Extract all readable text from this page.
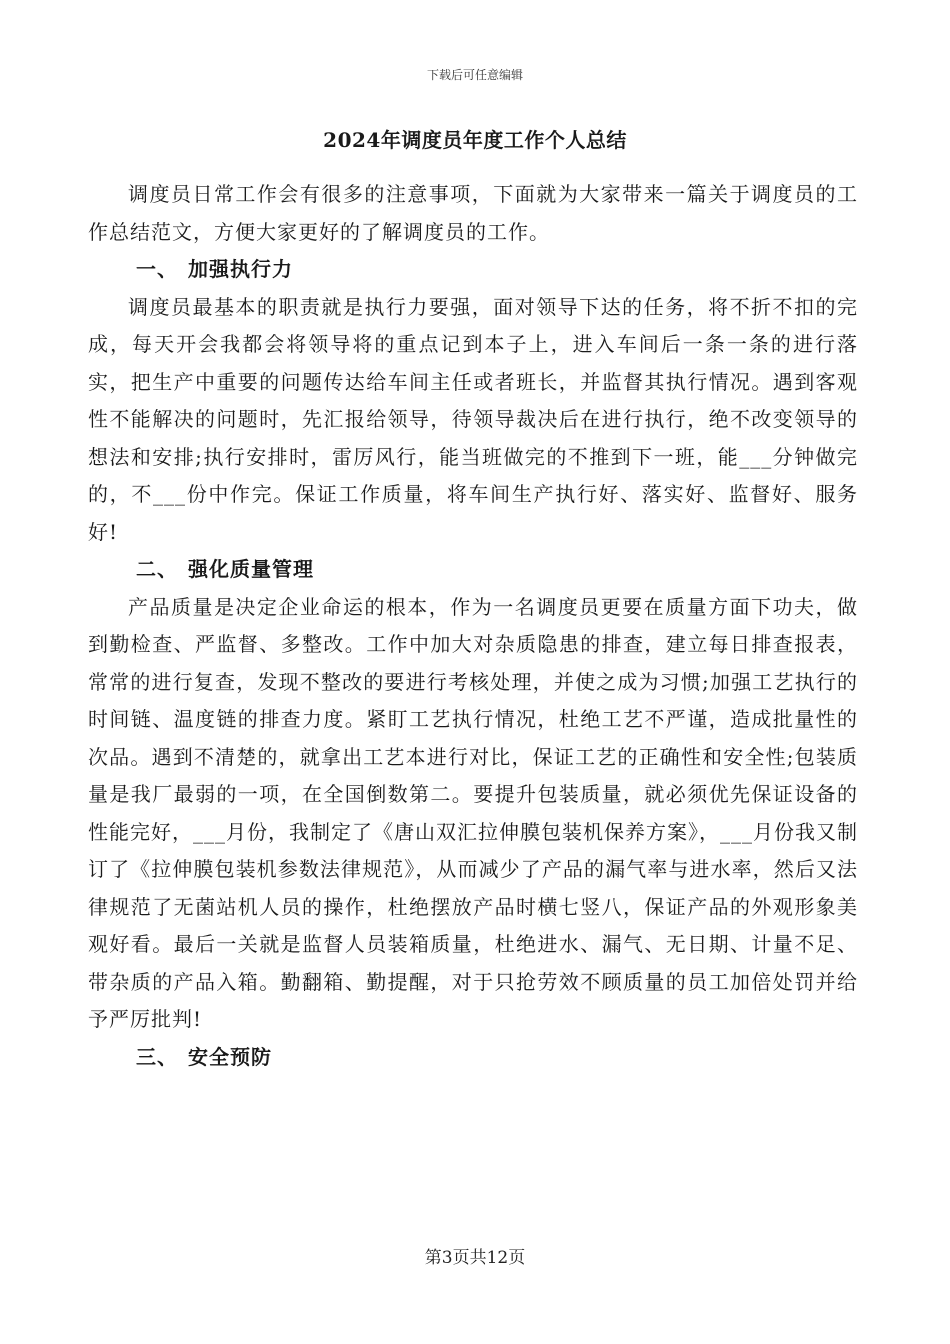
下载后可任意编辑
2024年调度员年度工作个人总结

调度员日常工作会有很多的注意事项，下面就为大家带来一篇关于调度员的工作总结范文，方便大家更好的了解调度员的工作。

一、 加强执行力

调度员最基本的职责就是执行力要强，面对领导下达的任务，将不折不扣的完成，每天开会我都会将领导将的重点记到本子上，进入车间后一条一条的进行落实，把生产中重要的问题传达给车间主任或者班长，并监督其执行情况。遇到客观性不能解决的问题时，先汇报给领导，待领导裁决后在进行执行，绝不改变领导的想法和安排;执行安排时，雷厉风行，能当班做完的不推到下一班，能___分钟做完的，不___份中作完。保证工作质量，将车间生产执行好、落实好、监督好、服务好!

二、 强化质量管理

产品质量是决定企业命运的根本，作为一名调度员更要在质量方面下功夫，做到勤检查、严监督、多整改。工作中加大对杂质隐患的排查，建立每日排查报表，常常的进行复查，发现不整改的要进行考核处理，并使之成为习惯;加强工艺执行的时间链、温度链的排查力度。紧盯工艺执行情况，杜绝工艺不严谨，造成批量性的次品。遇到不清楚的，就拿出工艺本进行对比，保证工艺的正确性和安全性;包装质量是我厂最弱的一项，在全国倒数第二。要提升包装质量，就必须优先保证设备的性能完好，___月份，我制定了《唐山双汇拉伸膜包装机保养方案》，___月份我又制订了《拉伸膜包装机参数法律规范》，从而减少了产品的漏气率与进水率，然后又法律规范了无菌站机人员的操作，杜绝摆放产品时横七竖八，保证产品的外观形象美观好看。最后一关就是监督人员装箱质量，杜绝进水、漏气、无日期、计量不足、带杂质的产品入箱。勤翻箱、勤提醒，对于只抢劳效不顾质量的员工加倍处罚并给予严厉批判!

三、 安全预防
第3页共12页
